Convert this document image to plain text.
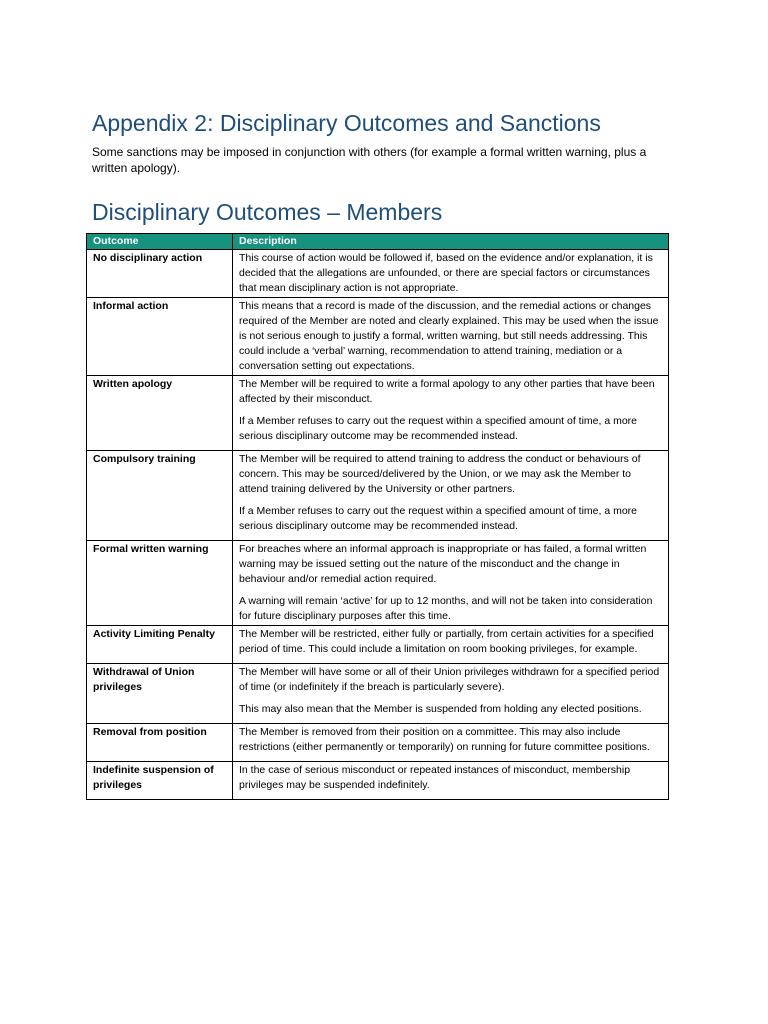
Appendix 2: Disciplinary Outcomes and Sanctions

Some sanctions may be imposed in conjunction with others (for example a formal written warning, plus a written apology).

Disciplinary Outcomes – Members
Outcome	Description
No disciplinary action	This course of action would be followed if, based on the evidence and/or explanation, it is decided that the allegations are unfounded, or there are special factors or circumstances that mean disciplinary action is not appropriate.

Informal action	This means that a record is made of the discussion, and the remedial actions or changes required of the Member are noted and clearly explained. This may be used when the issue is not serious enough to justify a formal, written warning, but still needs addressing. This could include a ‘verbal’ warning, recommendation to attend training, mediation or a conversation setting out expectations.

Written apology	The Member will be required to write a formal apology to any other parties that have been affected by their misconduct.

If a Member refuses to carry out the request within a specified amount of time, a more serious disciplinary outcome may be recommended instead.

Compulsory training	The Member will be required to attend training to address the conduct or behaviours of concern. This may be sourced/delivered by the Union, or we may ask the Member to attend training delivered by the University or other partners.

If a Member refuses to carry out the request within a specified amount of time, a more serious disciplinary outcome may be recommended instead.

Formal written warning	For breaches where an informal approach is inappropriate or has failed, a formal written warning may be issued setting out the nature of the misconduct and the change in behaviour and/or remedial action required.

A warning will remain ‘active’ for up to 12 months, and will not be taken into consideration for future disciplinary purposes after this time.

Activity Limiting Penalty	The Member will be restricted, either fully or partially, from certain activities for a specified period of time. This could include a limitation on room booking privileges, for example.

Withdrawal of Union privileges	The Member will have some or all of their Union privileges withdrawn for a specified period of time (or indefinitely if the breach is particularly severe).

This may also mean that the Member is suspended from holding any elected positions.

Removal from position	The Member is removed from their position on a committee. This may also include restrictions (either permanently or temporarily) on running for future committee positions.

Indefinite suspension of privileges	In the case of serious misconduct or repeated instances of misconduct, membership privileges may be suspended indefinitely.
